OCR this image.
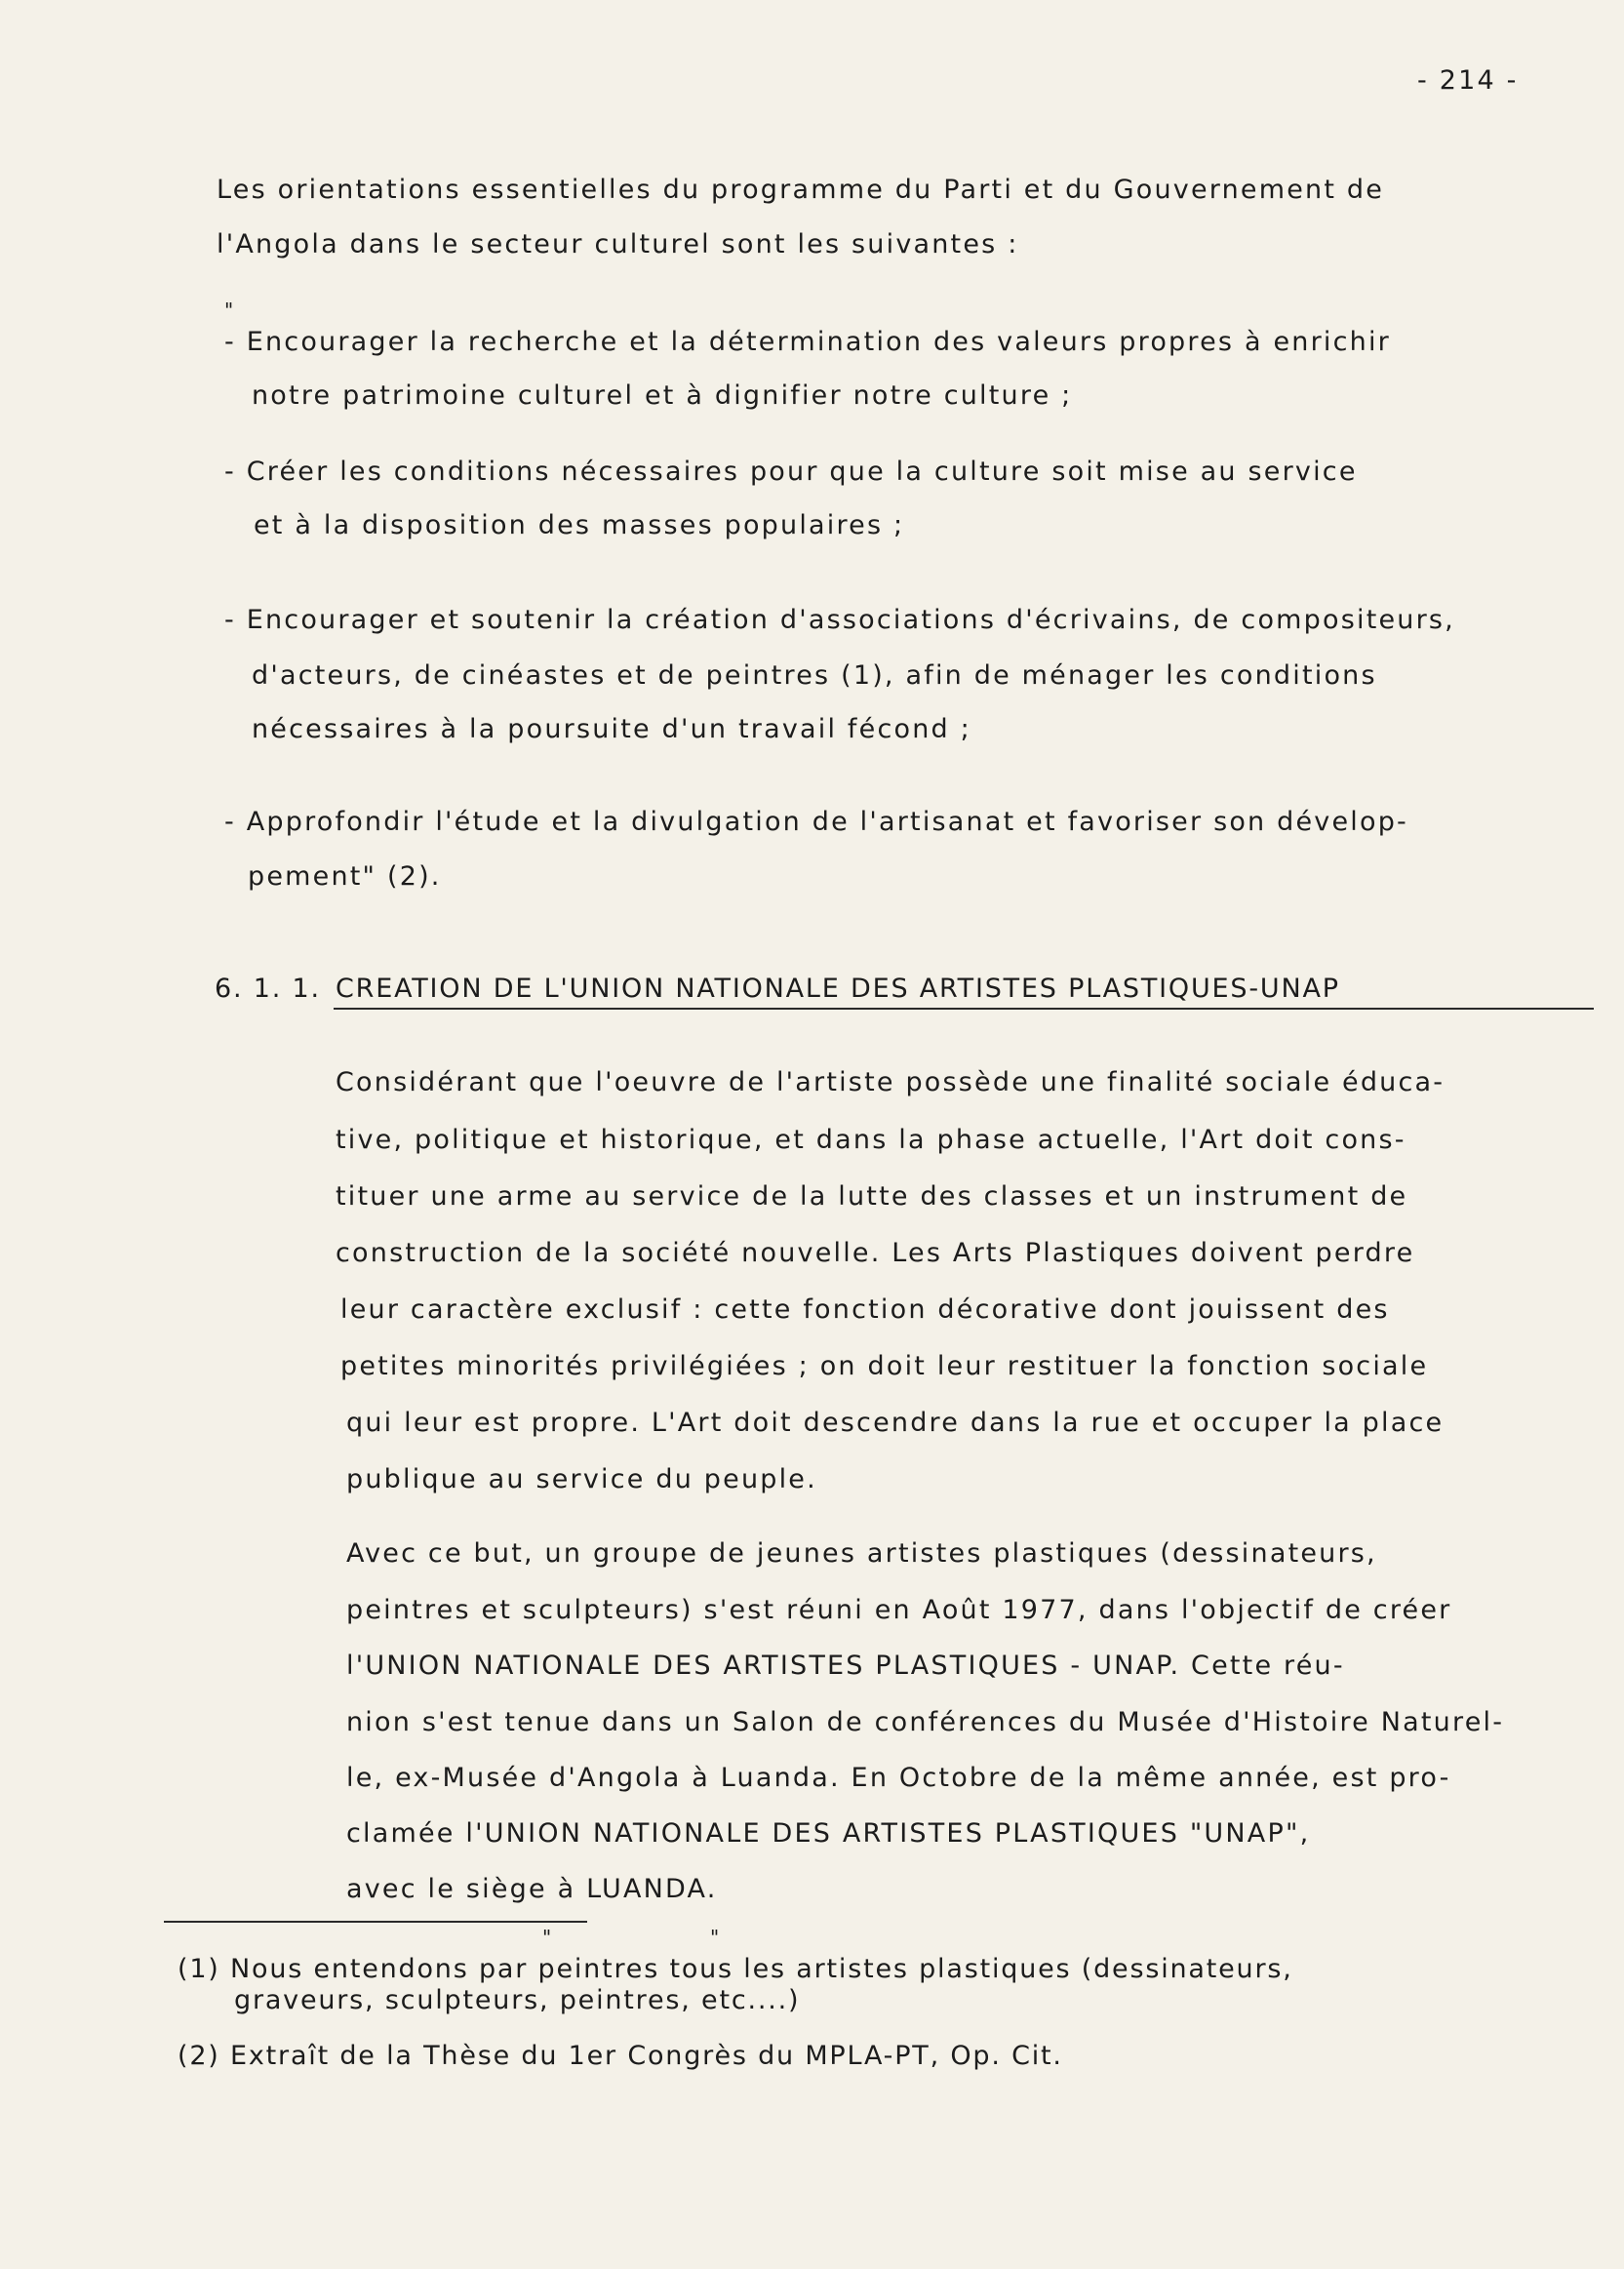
- 214 -
Les orientations essentielles du programme du Parti et du Gouvernement de
l'Angola dans le secteur culturel sont les suivantes :
"
- Encourager la recherche et la détermination des valeurs propres à enrichir
notre patrimoine culturel et à dignifier notre culture ;
- Créer les conditions nécessaires pour que la culture soit mise au service
et à la disposition des masses populaires ;
- Encourager et soutenir la création d'associations d'écrivains, de compositeurs,
d'acteurs, de cinéastes et de peintres (1), afin de ménager les conditions
nécessaires à la poursuite d'un travail fécond ;
- Approfondir l'étude et la divulgation de l'artisanat et favoriser son dévelop-
pement" (2).
6. 1. 1. CREATION DE L'UNION NATIONALE DES ARTISTES PLASTIQUES-UNAP
Considérant que l'oeuvre de l'artiste possède une finalité sociale éduca-
tive, politique et historique, et dans la phase actuelle, l'Art doit cons-
tituer une arme au service de la lutte des classes et un instrument de
construction de la société nouvelle. Les Arts Plastiques doivent perdre
leur caractère exclusif : cette fonction décorative dont jouissent des
petites minorités privilégiées ; on doit leur restituer la fonction sociale
qui leur est propre. L'Art doit descendre dans la rue et occuper la place
publique au service du peuple.
Avec ce but, un groupe de jeunes artistes plastiques (dessinateurs,
peintres et sculpteurs) s'est réuni en Août 1977, dans l'objectif de créer
l'UNION NATIONALE DES ARTISTES PLASTIQUES - UNAP. Cette réu-
nion s'est tenue dans un Salon de conférences du Musée d'Histoire Naturel-
le, ex-Musée d'Angola à Luanda. En Octobre de la même année, est pro-
clamée l'UNION NATIONALE DES ARTISTES PLASTIQUES "UNAP",
avec le siège à LUANDA.
"	"
(1) Nous entendons par peintres tous les artistes plastiques (dessinateurs,
graveurs, sculpteurs, peintres, etc....)
(2) Extraît de la Thèse du 1er Congrès du MPLA-PT, Op. Cit.
